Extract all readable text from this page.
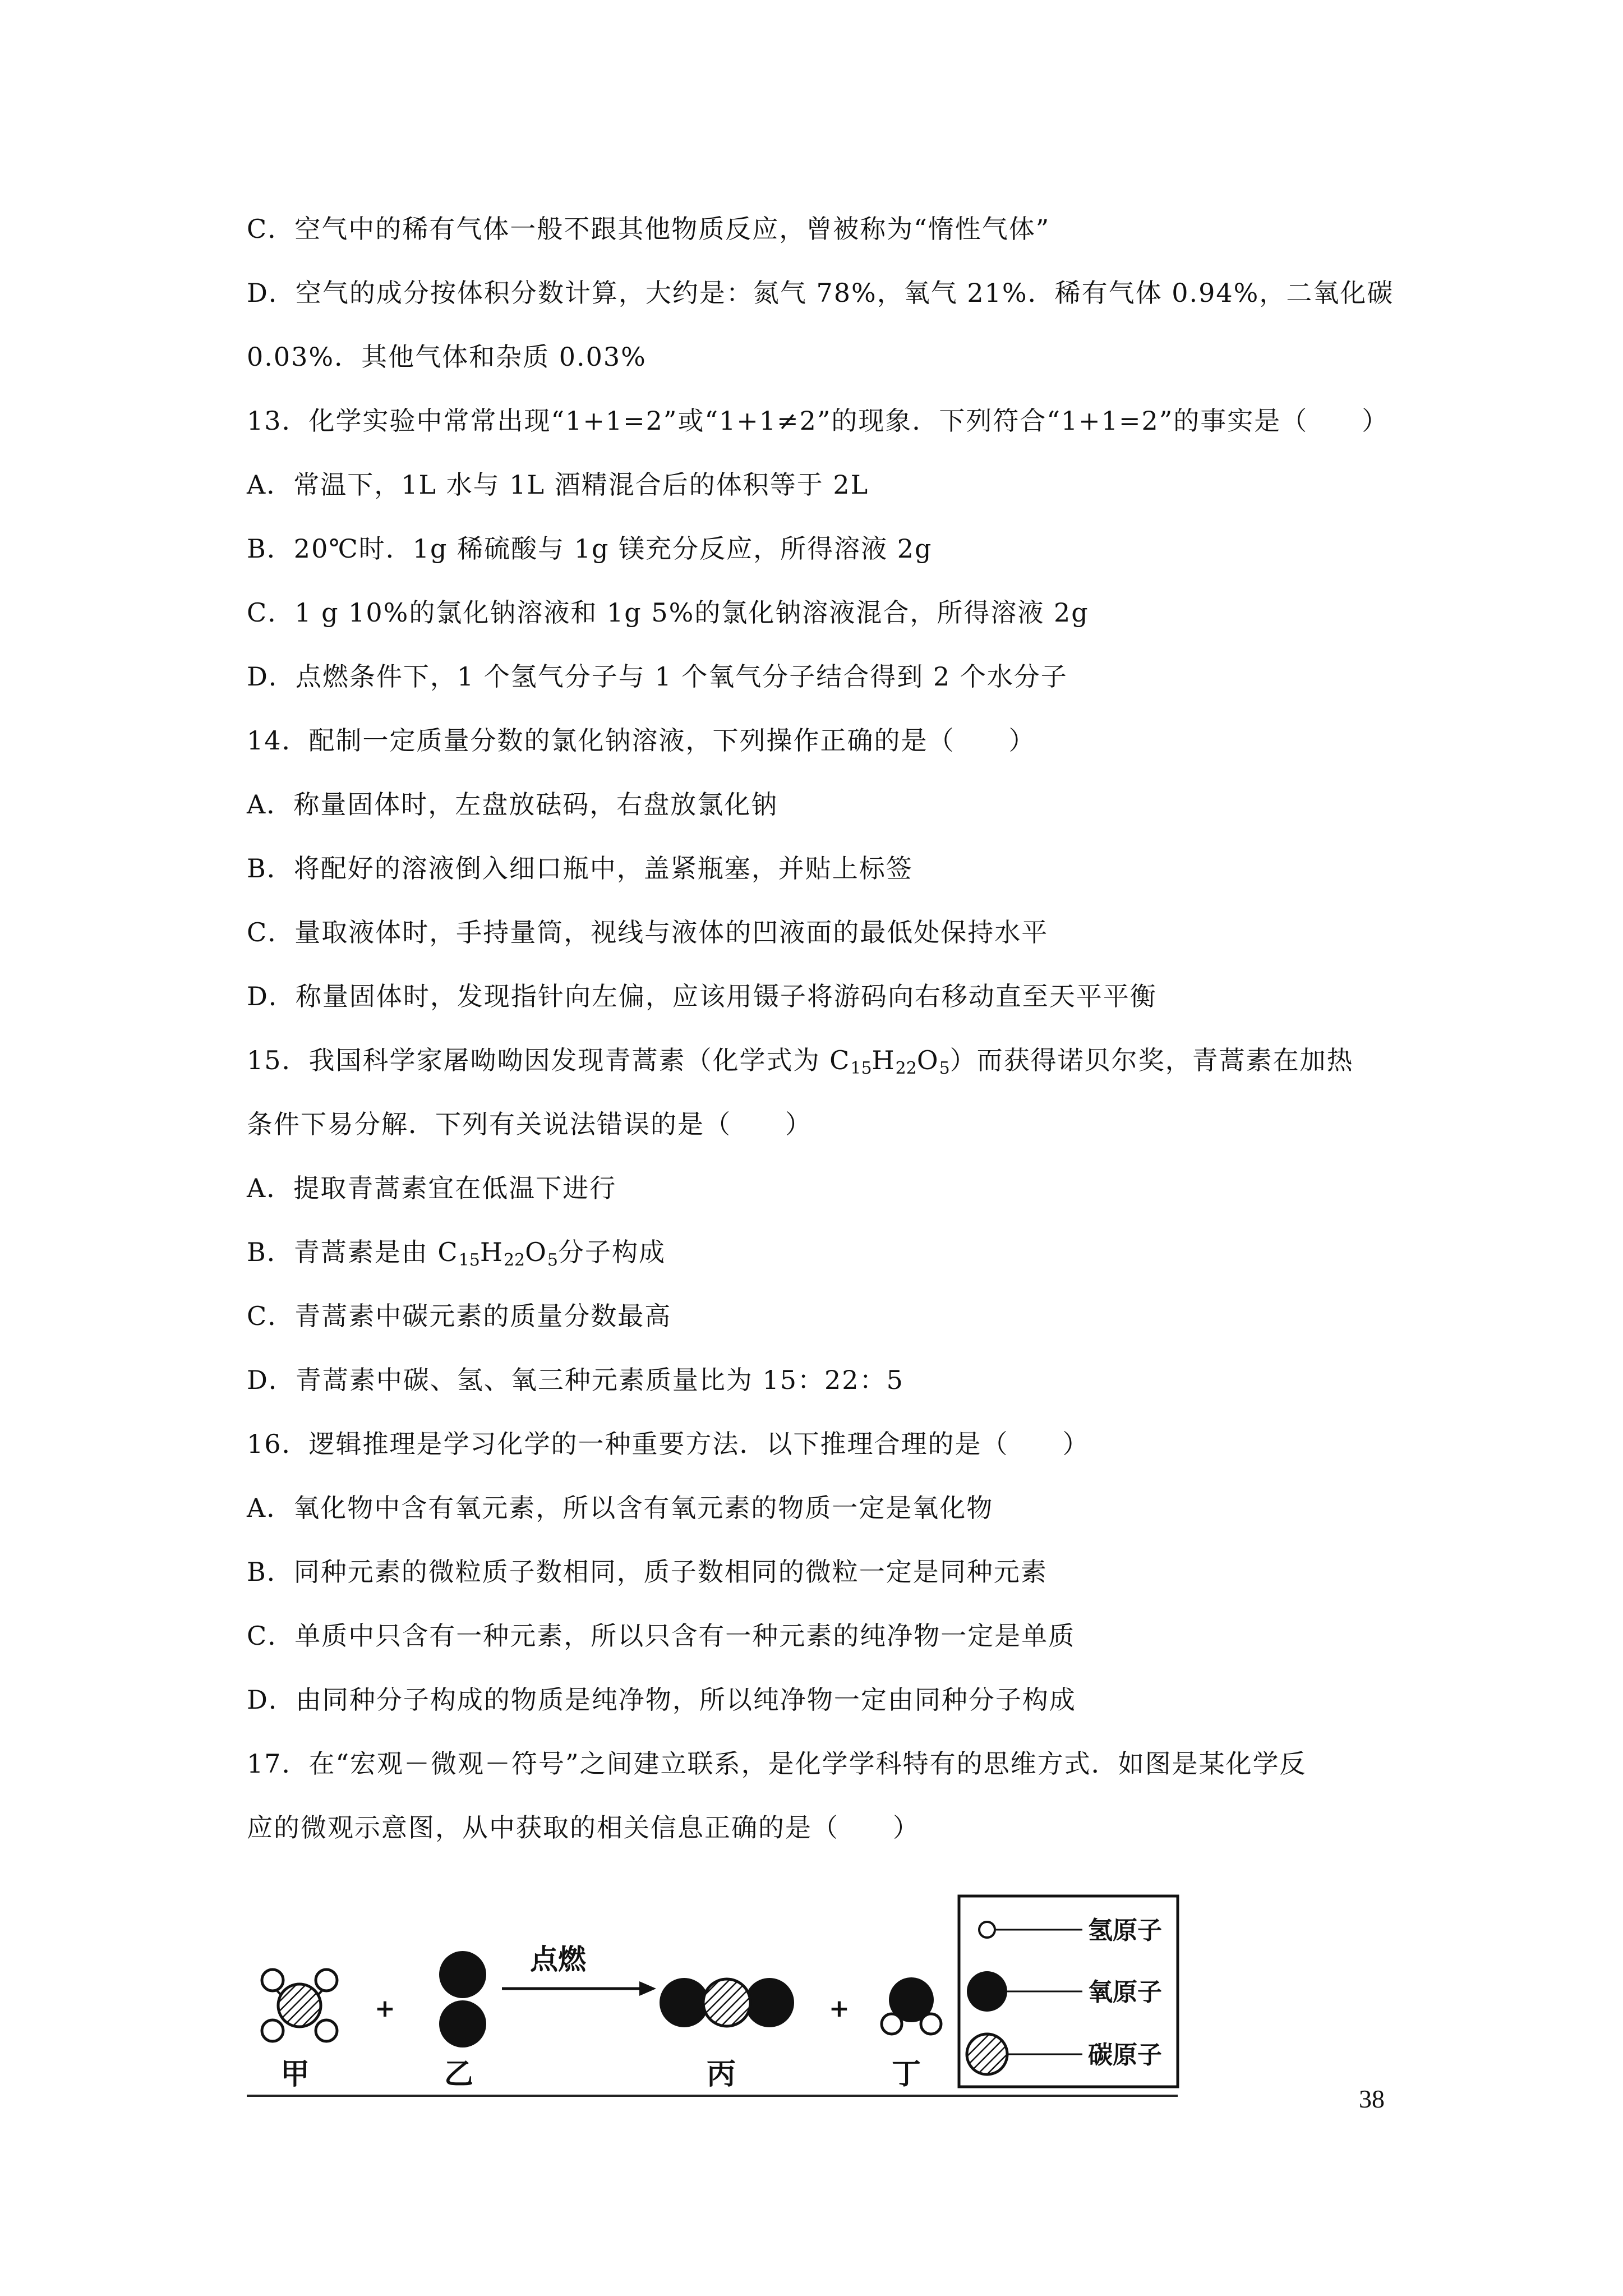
C．空气中的稀有气体一般不跟其他物质反应，曾被称为“惰性气体”
D．空气的成分按体积分数计算，大约是：氮气 78%，氧气 21%．稀有气体 0.94%，二氧化碳
0.03%．其他气体和杂质 0.03%
13．化学实验中常常出现“1+1=2”或“1+1≠2”的现象．下列符合“1+1=2”的事实是（　　）
A．常温下，1L 水与 1L 酒精混合后的体积等于 2L
B．20℃时．1g 稀硫酸与 1g 镁充分反应，所得溶液 2g
C．1 g 10%的氯化钠溶液和 1g 5%的氯化钠溶液混合，所得溶液 2g
D．点燃条件下，1 个氢气分子与 1 个氧气分子结合得到 2 个水分子
14．配制一定质量分数的氯化钠溶液，下列操作正确的是（　　）
A．称量固体时，左盘放砝码，右盘放氯化钠
B．将配好的溶液倒入细口瓶中，盖紧瓶塞，并贴上标签
C．量取液体时，手持量筒，视线与液体的凹液面的最低处保持水平
D．称量固体时，发现指针向左偏，应该用镊子将游码向右移动直至天平平衡
15．我国科学家屠呦呦因发现青蒿素（化学式为 $C_{15}H_{22}O_5$）而获得诺贝尔奖，青蒿素在加热
条件下易分解．下列有关说法错误的是（　　）
A．提取青蒿素宜在低温下进行
B．青蒿素是由 $C_{15}H_{22}O_5$分子构成
C．青蒿素中碳元素的质量分数最高
D．青蒿素中碳、氢、氧三种元素质量比为 15：22：5
16．逻辑推理是学习化学的一种重要方法．以下推理合理的是（　　）
A．氧化物中含有氧元素，所以含有氧元素的物质一定是氧化物
B．同种元素的微粒质子数相同，质子数相同的微粒一定是同种元素
C．单质中只含有一种元素，所以只含有一种元素的纯净物一定是单质
D．由同种分子构成的物质是纯净物，所以纯净物一定由同种分子构成
17．在“宏观－微观－符号”之间建立联系，是化学学科特有的思维方式．如图是某化学反
应的微观示意图，从中获取的相关信息正确的是（　　）
甲
+
乙
点燃
丙
+
丁
氢原子
氧原子
碳原子
38
